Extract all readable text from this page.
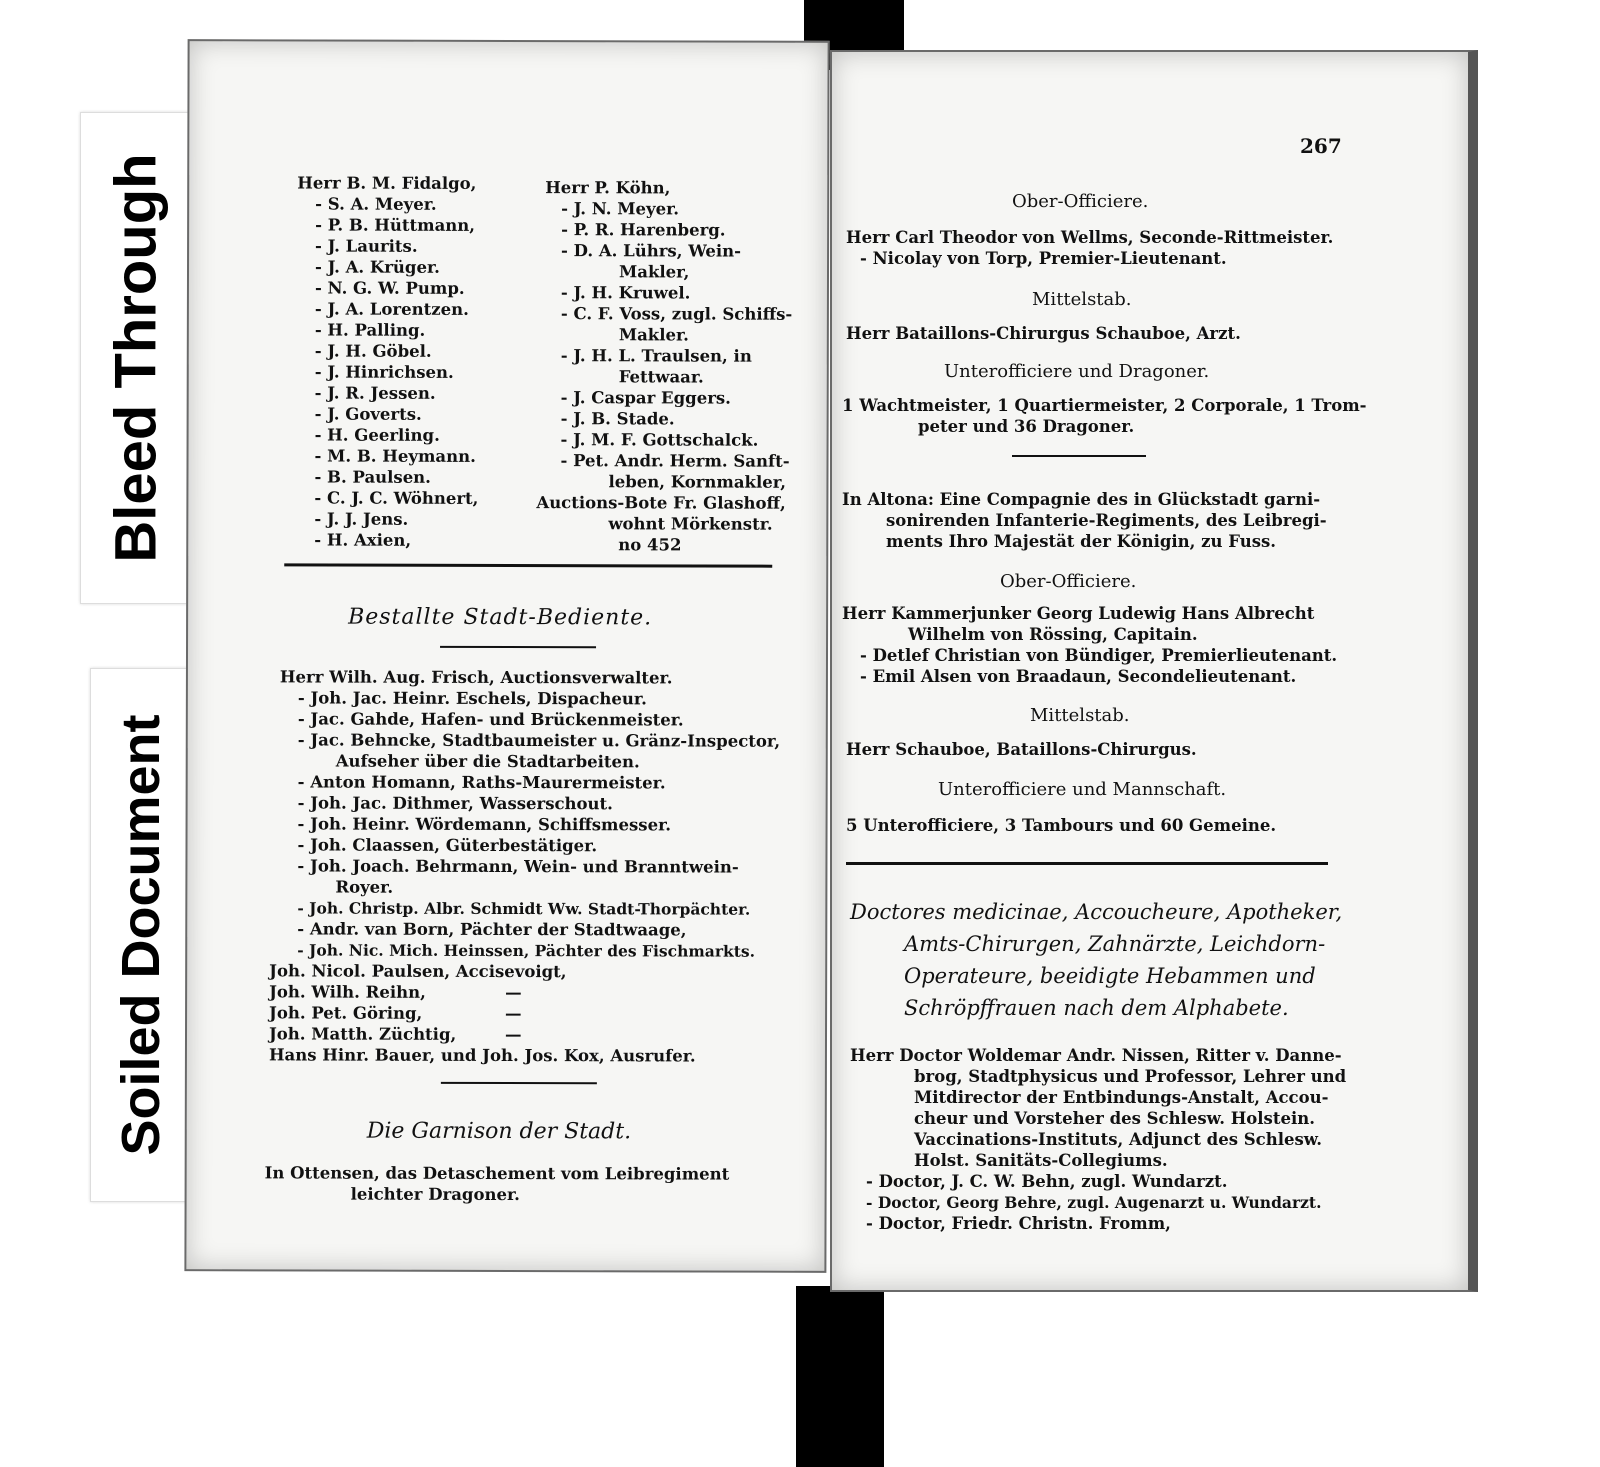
Bleed Through
Soiled Document
Herr B. M. Fidalgo,
- S. A. Meyer.
- P. B. Hüttmann,
- J. Laurits.
- J. A. Krüger.
- N. G. W. Pump.
- J. A. Lorentzen.
- H. Palling.
- J. H. Göbel.
- J. Hinrichsen.
- J. R. Jessen.
- J. Goverts.
- H. Geerling.
- M. B. Heymann.
- B. Paulsen.
- C. J. C. Wöhnert,
- J. J. Jens.
- H. Axien,
Herr P. Köhn,
- J. N. Meyer.
- P. R. Harenberg.
- D. A. Lührs, Wein-
Makler,
- J. H. Kruwel.
- C. F. Voss, zugl. Schiffs-
Makler.
- J. H. L. Traulsen, in
Fettwaar.
- J. Caspar Eggers.
- J. B. Stade.
- J. M. F. Gottschalck.
- Pet. Andr. Herm. Sanft-
leben, Kornmakler,
Auctions-Bote Fr. Glashoff,
wohnt Mörkenstr.
no 452
Bestallte Stadt-Bediente.
Herr Wilh. Aug. Frisch, Auctionsverwalter.
- Joh. Jac. Heinr. Eschels, Dispacheur.
- Jac. Gahde, Hafen- und Brückenmeister.
- Jac. Behncke, Stadtbaumeister u. Gränz-Inspector,
Aufseher über die Stadtarbeiten.
- Anton Homann, Raths-Maurermeister.
- Joh. Jac. Dithmer, Wasserschout.
- Joh. Heinr. Wördemann, Schiffsmesser.
- Joh. Claassen, Güterbestätiger.
- Joh. Joach. Behrmann, Wein- und Branntwein-
Royer.
- Joh. Christp. Albr. Schmidt Ww. Stadt-Thorpächter.
- Andr. van Born, Pächter der Stadtwaage,
- Joh. Nic. Mich. Heinssen, Pächter des Fischmarkts.
Joh. Nicol. Paulsen, Accisevoigt,
Joh. Wilh. Reihn,
Joh. Pet. Göring,
Joh. Matth. Züchtig,
Hans Hinr. Bauer, und Joh. Jos. Kox, Ausrufer.
—
—
—
Die Garnison der Stadt.
In Ottensen, das Detaschement vom Leibregiment
leichter Dragoner.
267
Ober-Officiere.
Herr Carl Theodor von Wellms, Seconde-Rittmeister.
- Nicolay von Torp, Premier-Lieutenant.
Mittelstab.
Herr Bataillons-Chirurgus Schauboe, Arzt.
Unterofficiere und Dragoner.
1 Wachtmeister, 1 Quartiermeister, 2 Corporale, 1 Trom-
peter und 36 Dragoner.
In Altona: Eine Compagnie des in Glückstadt garni-
sonirenden Infanterie-Regiments, des Leibregi-
ments Ihro Majestät der Königin, zu Fuss.
Ober-Officiere.
Herr Kammerjunker Georg Ludewig Hans Albrecht
Wilhelm von Rössing, Capitain.
- Detlef Christian von Bündiger, Premierlieutenant.
- Emil Alsen von Braadaun, Secondelieutenant.
Mittelstab.
Herr Schauboe, Bataillons-Chirurgus.
Unterofficiere und Mannschaft.
5 Unterofficiere, 3 Tambours und 60 Gemeine.
Doctores medicinae, Accoucheure, Apotheker,
Amts-Chirurgen, Zahnärzte, Leichdorn-
Operateure, beeidigte Hebammen und
Schröpffrauen nach dem Alphabete.
Herr Doctor Woldemar Andr. Nissen, Ritter v. Danne-
brog, Stadtphysicus und Professor, Lehrer und
Mitdirector der Entbindungs-Anstalt, Accou-
cheur und Vorsteher des Schlesw. Holstein.
Vaccinations-Instituts, Adjunct des Schlesw.
Holst. Sanitäts-Collegiums.
- Doctor, J. C. W. Behn, zugl. Wundarzt.
- Doctor, Georg Behre, zugl. Augenarzt u. Wundarzt.
- Doctor, Friedr. Christn. Fromm,
